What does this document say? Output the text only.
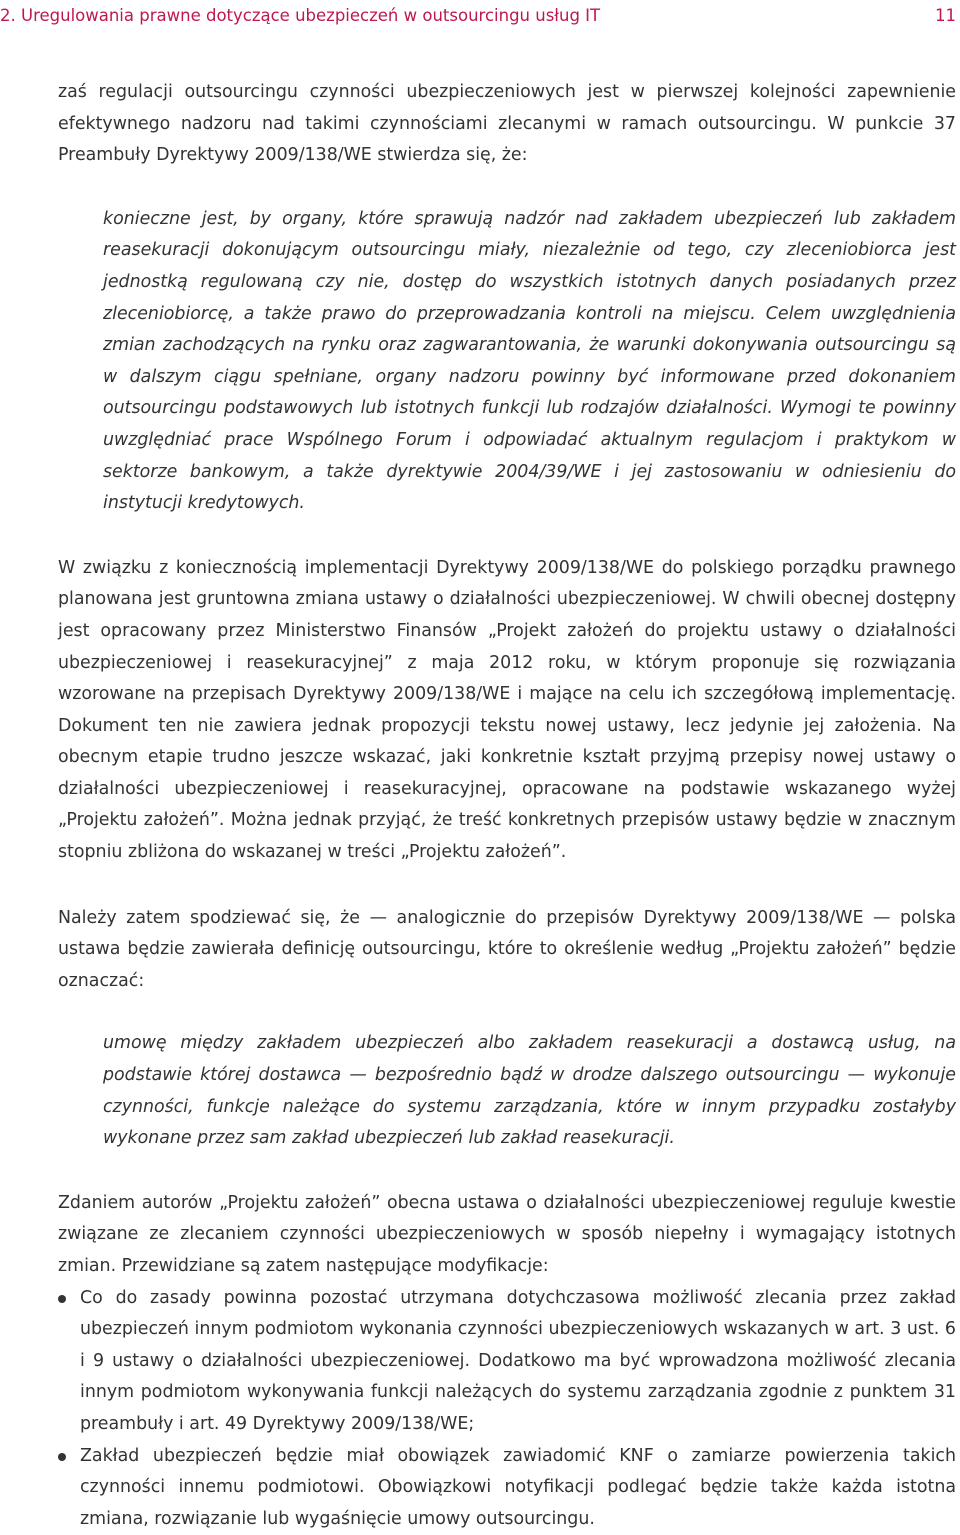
2. Uregulowania prawne dotyczące ubezpieczeń w outsourcingu usług IT	11

zaś regulacji outsourcingu czynności ubezpieczeniowych jest w pierwszej kolejności zapewnienie efektywnego nadzoru nad takimi czynnościami zlecanymi w ramach outsourcingu. W punkcie 37 Preambuły Dyrektywy 2009/138/WE stwierdza się, że:

konieczne jest, by organy, które sprawują nadzór nad zakładem ubezpieczeń lub zakładem reasekuracji dokonującym outsourcingu miały, niezależnie od tego, czy zleceniobiorca jest jednostką regulowaną czy nie, dostęp do wszystkich istotnych danych posiadanych przez zleceniobiorcę, a także prawo do przeprowadzania kontroli na miejscu. Celem uwzględnienia zmian zachodzących na rynku oraz zagwarantowania, że warunki dokonywania outsourcingu są w dalszym ciągu spełniane, organy nadzoru powinny być informowane przed dokonaniem outsourcingu podstawowych lub istotnych funkcji lub rodzajów działalności. Wymogi te powinny uwzględniać prace Wspólnego Forum i odpowiadać aktualnym regulacjom i praktykom w sektorze bankowym, a także dyrektywie 2004/39/WE i jej zastosowaniu w odniesieniu do instytucji kredytowych.

W związku z koniecznością implementacji Dyrektywy 2009/138/WE do polskiego porządku prawnego planowana jest gruntowna zmiana ustawy o działalności ubezpieczeniowej. W chwili obecnej dostępny jest opracowany przez Ministerstwo Finansów „Projekt założeń do projektu ustawy o działalności ubezpieczeniowej i reasekuracyjnej” z maja 2012 roku, w którym proponuje się rozwiązania wzorowane na przepisach Dyrektywy 2009/138/WE i mające na celu ich szczegółową implementację. Dokument ten nie zawiera jednak propozycji tekstu nowej ustawy, lecz jedynie jej założenia. Na obecnym etapie trudno jeszcze wskazać, jaki konkretnie kształt przyjmą przepisy nowej ustawy o działalności ubezpieczeniowej i reasekuracyjnej, opracowane na podstawie wskazanego wyżej „Projektu założeń”. Można jednak przyjąć, że treść konkretnych przepisów ustawy będzie w znacznym stopniu zbliżona do wskazanej w treści „Projektu założeń”.

Należy zatem spodziewać się, że — analogicznie do przepisów Dyrektywy 2009/138/WE — polska ustawa będzie zawierała definicję outsourcingu, które to określenie według „Projektu założeń” będzie oznaczać:

umowę między zakładem ubezpieczeń albo zakładem reasekuracji a dostawcą usług, na podstawie której dostawca — bezpośrednio bądź w drodze dalszego outsourcingu — wykonuje czynności, funkcje należące do systemu zarządzania, które w innym przypadku zostałyby wykonane przez sam zakład ubezpieczeń lub zakład reasekuracji.

Zdaniem autorów „Projektu założeń” obecna ustawa o działalności ubezpieczeniowej reguluje kwestie związane ze zlecaniem czynności ubezpieczeniowych w sposób niepełny i wymagający istotnych zmian. Przewidziane są zatem następujące modyfikacje:

Co do zasady powinna pozostać utrzymana dotychczasowa możliwość zlecania przez zakład ubezpieczeń innym podmiotom wykonania czynności ubezpieczeniowych wskazanych w art. 3 ust. 6 i 9 ustawy o działalności ubezpieczeniowej. Dodatkowo ma być wprowadzona możliwość zlecania innym podmiotom wykonywania funkcji należących do systemu zarządzania zgodnie z punktem 31 preambuły i art. 49 Dyrektywy 2009/138/WE;
Zakład ubezpieczeń będzie miał obowiązek zawiadomić KNF o zamiarze powierzenia takich czynności innemu podmiotowi. Obowiązkowi notyfikacji podlegać będzie także każda istotna zmiana, rozwiązanie lub wygaśnięcie umowy outsourcingu.
